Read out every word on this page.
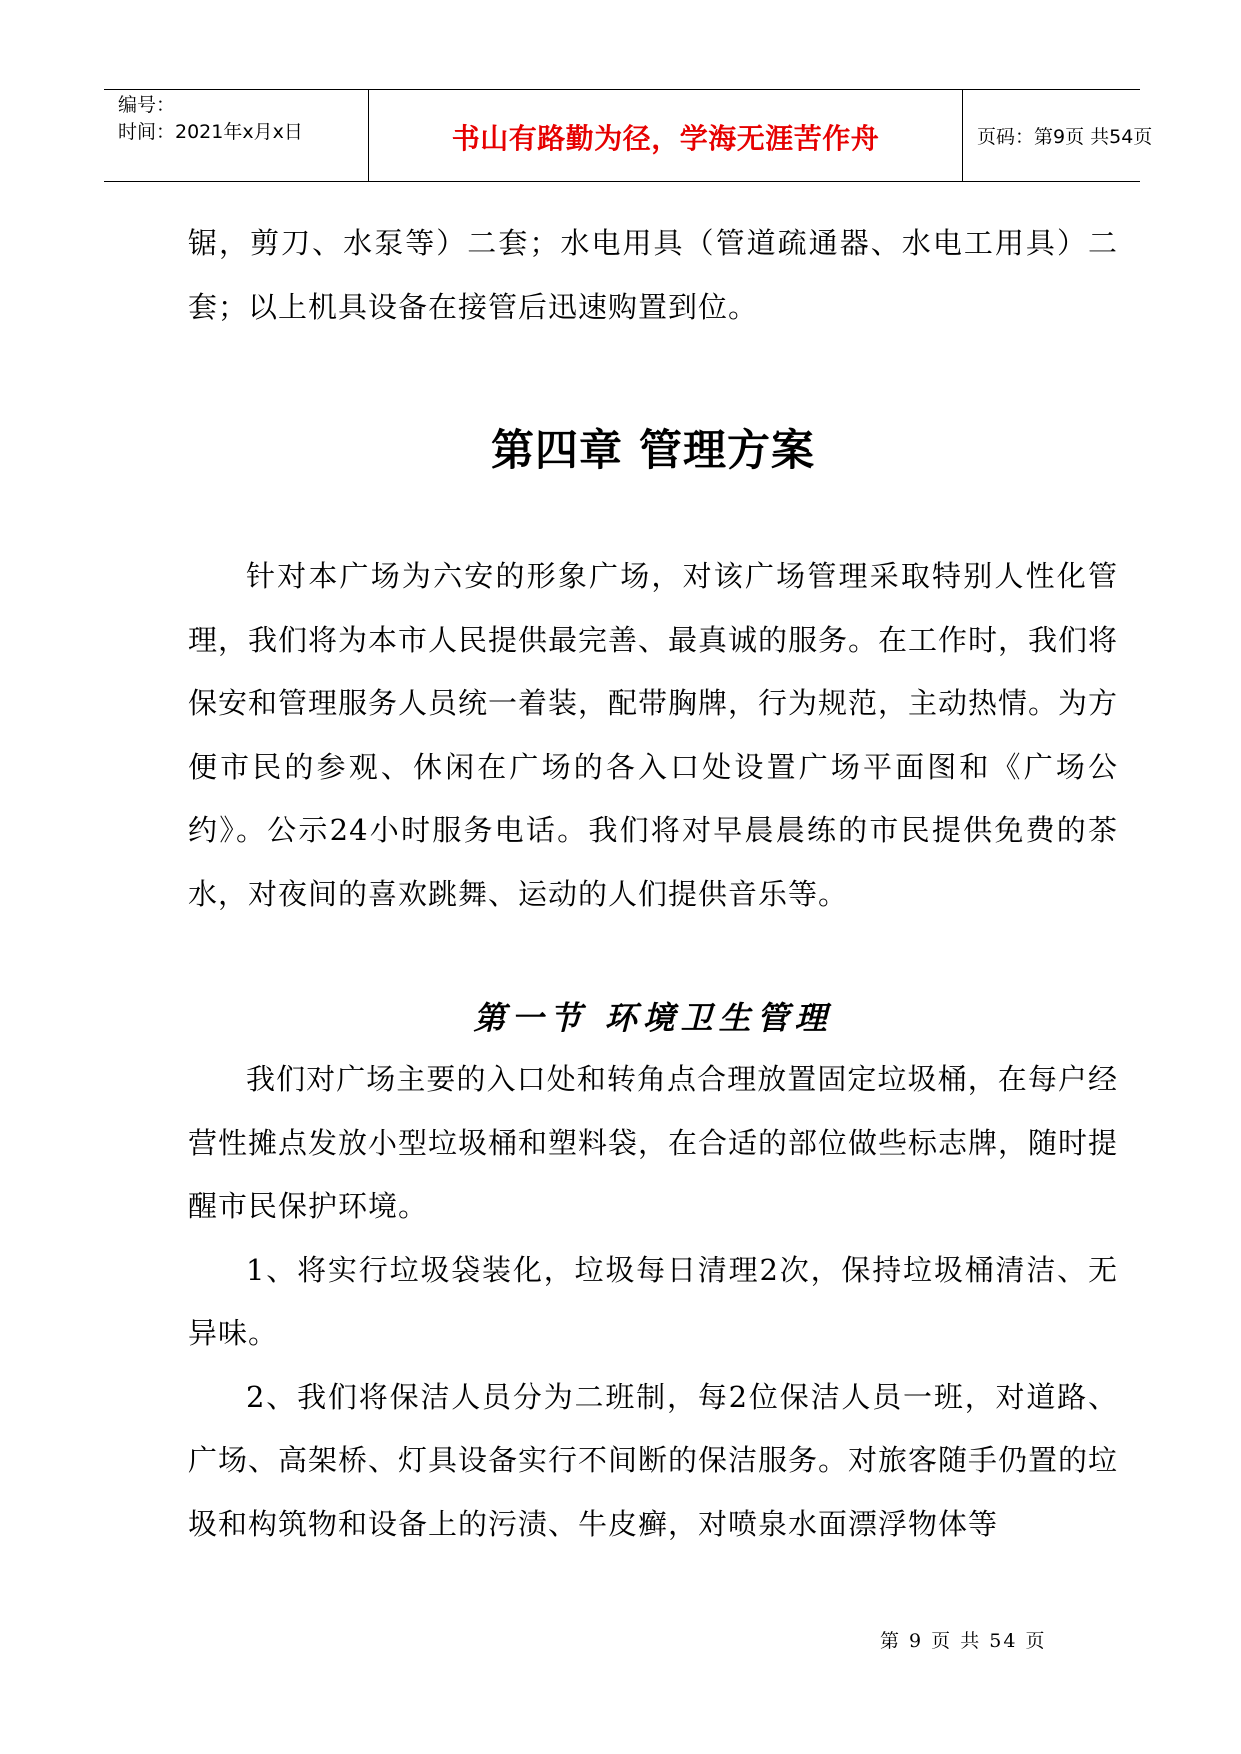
编号：
时间：2021年x月x日	书山有路勤为径，学海无涯苦作舟	页码：第9页 共54页

锯，剪刀、水泵等）二套；水电用具（管道疏通器、水电工用具）二套；以上机具设备在接管后迅速购置到位。

第四章 管理方案

针对本广场为六安的形象广场，对该广场管理采取特别人性化管理，我们将为本市人民提供最完善、最真诚的服务。在工作时，我们将保安和管理服务人员统一着装，配带胸牌，行为规范，主动热情。为方便市民的参观、休闲在广场的各入口处设置广场平面图和《广场公约》。公示24小时服务电话。我们将对早晨晨练的市民提供免费的茶水，对夜间的喜欢跳舞、运动的人们提供音乐等。

第一节 环境卫生管理

我们对广场主要的入口处和转角点合理放置固定垃圾桶，在每户经营性摊点发放小型垃圾桶和塑料袋，在合适的部位做些标志牌，随时提醒市民保护环境。

1、将实行垃圾袋装化，垃圾每日清理2次，保持垃圾桶清洁、无异味。

2、我们将保洁人员分为二班制，每2位保洁人员一班，对道路、广场、高架桥、灯具设备实行不间断的保洁服务。对旅客随手仍置的垃圾和构筑物和设备上的污渍、牛皮癣，对喷泉水面漂浮物体等

第 9 页 共 54 页
